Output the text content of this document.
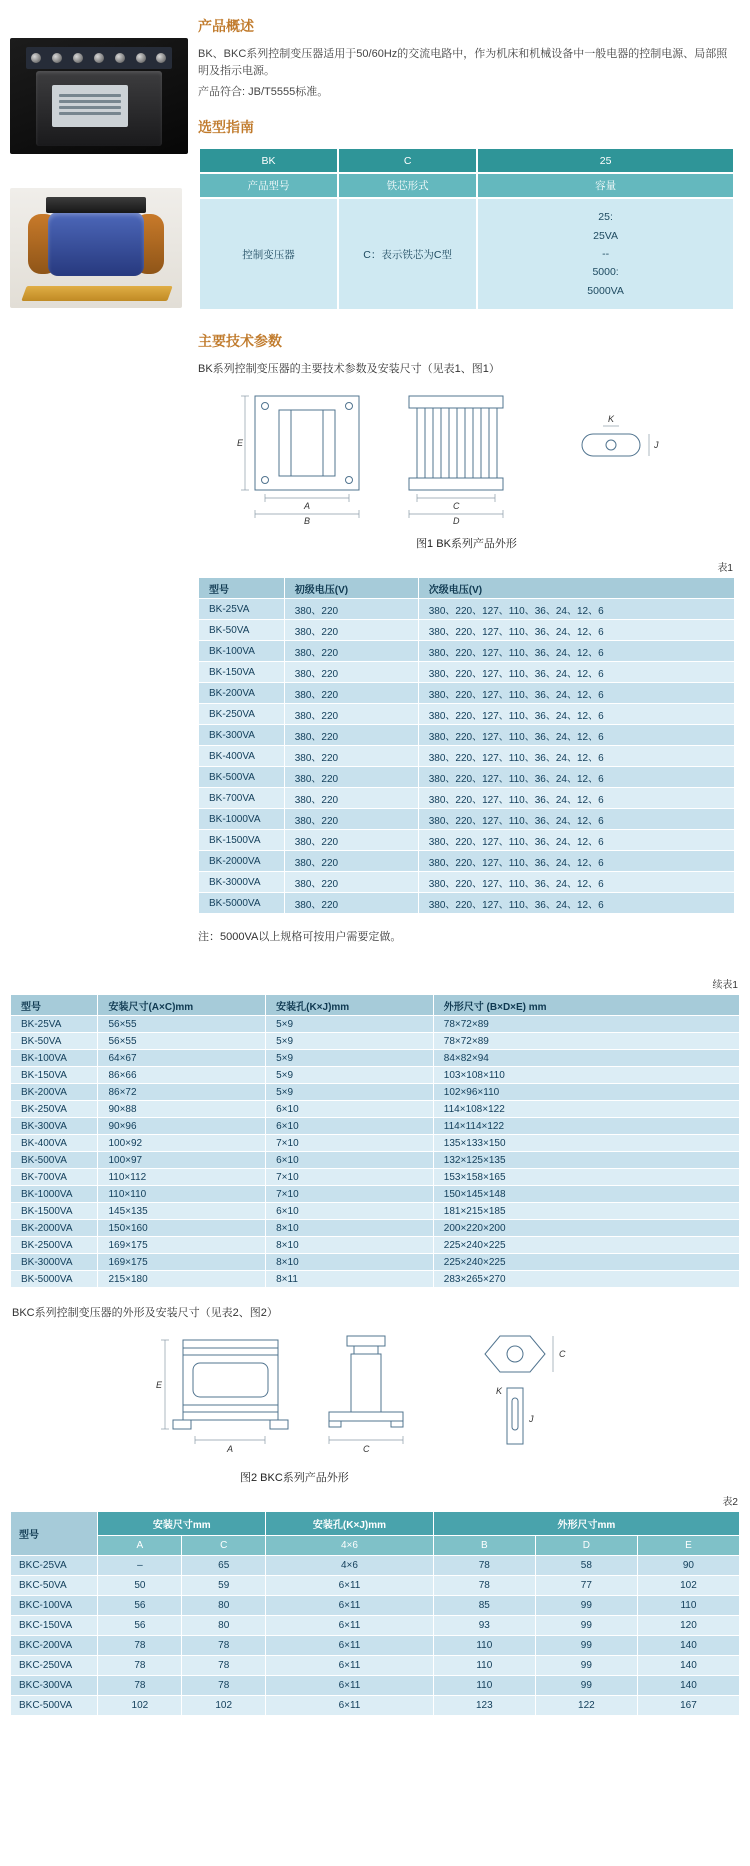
产品概述

BK、BKC系列控制变压器适用于50/60Hz的交流电路中，作为机床和机械设备中一般电器的控制电源、局部照明及指示电源。

产品符合: JB/T5555标准。

选型指南
BK	C	25
产品型号	铁芯形式	容量
控制变压器	C：表示铁芯为C型	25:
25VA
--
5000:
5000VA
主要技术参数

BK系列控制变压器的主要技术参数及安装尺寸（见表1、图1）

A
B
E
C
D
K
J
图1 BK系列产品外形
表1
型号	初级电压(V)	次级电压(V)
BK-25VA	380、220	380、220、127、110、36、24、12、6
BK-50VA	380、220	380、220、127、110、36、24、12、6
BK-100VA	380、220	380、220、127、110、36、24、12、6
BK-150VA	380、220	380、220、127、110、36、24、12、6
BK-200VA	380、220	380、220、127、110、36、24、12、6
BK-250VA	380、220	380、220、127、110、36、24、12、6
BK-300VA	380、220	380、220、127、110、36、24、12、6
BK-400VA	380、220	380、220、127、110、36、24、12、6
BK-500VA	380、220	380、220、127、110、36、24、12、6
BK-700VA	380、220	380、220、127、110、36、24、12、6
BK-1000VA	380、220	380、220、127、110、36、24、12、6
BK-1500VA	380、220	380、220、127、110、36、24、12、6
BK-2000VA	380、220	380、220、127、110、36、24、12、6
BK-3000VA	380、220	380、220、127、110、36、24、12、6
BK-5000VA	380、220	380、220、127、110、36、24、12、6

注：5000VA以上规格可按用户需要定做。

续表1
型号	安装尺寸(A×C)mm	安装孔(K×J)mm	外形尺寸 (B×D×E) mm
BK-25VA	56×55	5×9	78×72×89
BK-50VA	56×55	5×9	78×72×89
BK-100VA	64×67	5×9	84×82×94
BK-150VA	86×66	5×9	103×108×110
BK-200VA	86×72	5×9	102×96×110
BK-250VA	90×88	6×10	114×108×122
BK-300VA	90×96	6×10	114×114×122
BK-400VA	100×92	7×10	135×133×150
BK-500VA	100×97	6×10	132×125×135
BK-700VA	110×112	7×10	153×158×165
BK-1000VA	110×110	7×10	150×145×148
BK-1500VA	145×135	6×10	181×215×185
BK-2000VA	150×160	8×10	200×220×200
BK-2500VA	169×175	8×10	225×240×225
BK-3000VA	169×175	8×10	225×240×225
BK-5000VA	215×180	8×11	283×265×270

BKC系列控制变压器的外形及安装尺寸（见表2、图2）

A
E
C
C
K
J
图2 BKC系列产品外形
表2
型号	安装尺寸mm		安装孔(K×J)mm	外形尺寸mm		
	A	C	4×6	B	D	E
BKC-25VA	–	65	4×6	78	58	90
BKC-50VA	50	59	6×11	78	77	102
BKC-100VA	56	80	6×11	85	99	110
BKC-150VA	56	80	6×11	93	99	120
BKC-200VA	78	78	6×11	110	99	140
BKC-250VA	78	78	6×11	110	99	140
BKC-300VA	78	78	6×11	110	99	140
BKC-500VA	102	102	6×11	123	122	167
